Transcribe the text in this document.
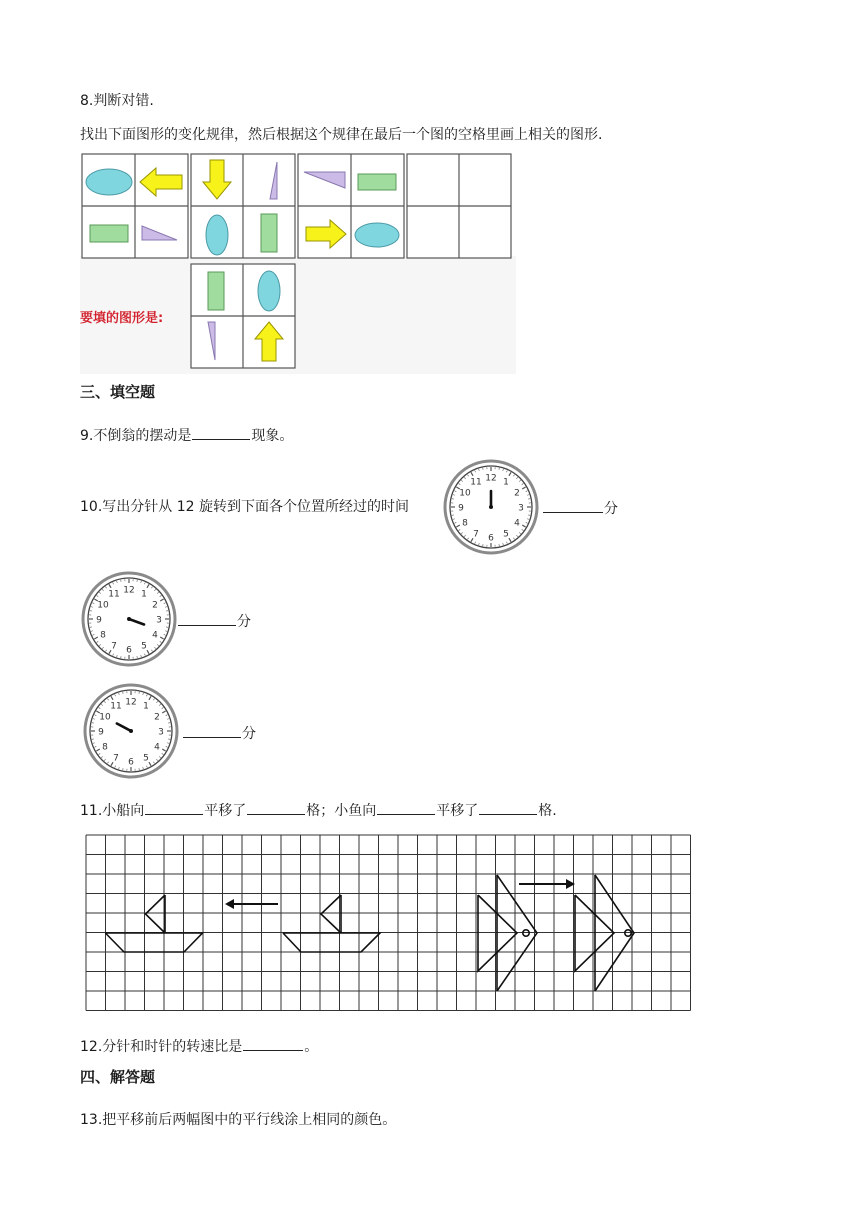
8.判断对错.
找出下面图形的变化规律，然后根据这个规律在最后一个图的空格里画上相关的图形.
要填的图形是:
三、填空题
9.不倒翁的摆动是	现象。
10.写出分针从 12 旋转到下面各个位置所经过的时间
12 1
2
3
4
5
6
7
8
9
10
11
分
12 1
2
3
4
5
6
7
8
9
10
11
分
12 1
2
3
4
5
6
7
8
9
10
11
分
11.小船向	平移了	格；小鱼向	平移了	格.
12.分针和时针的转速比是	。
四、解答题
13.把平移前后两幅图中的平行线涂上相同的颜色。
